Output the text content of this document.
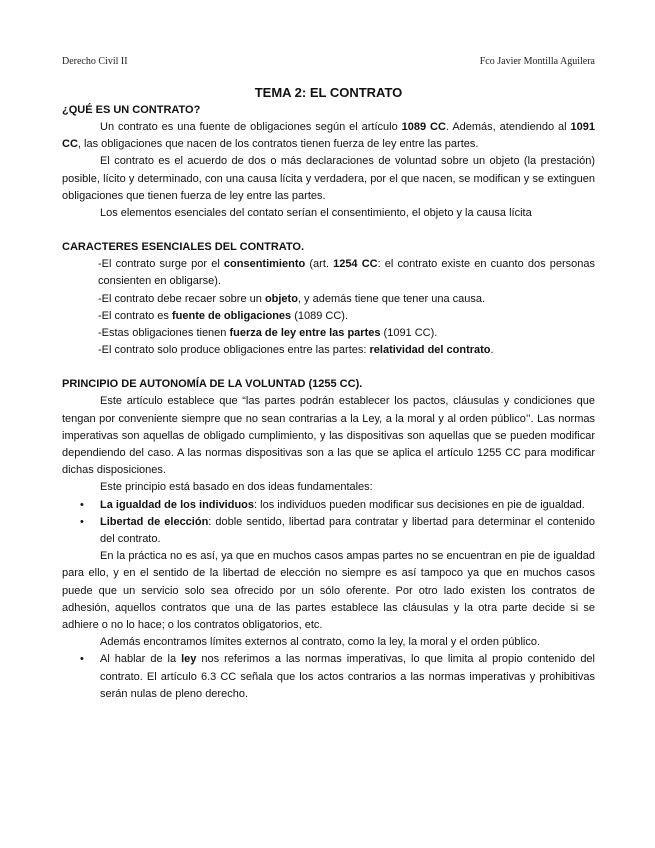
Derecho Civil II	Fco Javier Montilla Aguilera
TEMA 2: EL CONTRATO
¿QUÉ ES UN CONTRATO?

Un contrato es una fuente de obligaciones según el artículo 1089 CC. Además, atendiendo al 1091 CC, las obligaciones que nacen de los contratos tienen fuerza de ley entre las partes.

El contrato es el acuerdo de dos o más declaraciones de voluntad sobre un objeto (la prestación) posible, lícito y determinado, con una causa lícita y verdadera, por el que nacen, se modifican y se extinguen obligaciones que tienen fuerza de ley entre las partes.

Los elementos esenciales del contato serían el consentimiento, el objeto y la causa lícita

CARACTERES ESENCIALES DEL CONTRATO.
-El contrato surge por el consentimiento (art. 1254 CC: el contrato existe en cuanto dos personas consienten en obligarse).
-El contrato debe recaer sobre un objeto, y además tiene que tener una causa.
-El contrato es fuente de obligaciones (1089 CC).
-Estas obligaciones tienen fuerza de ley entre las partes (1091 CC).
-El contrato solo produce obligaciones entre las partes: relatividad del contrato.
PRINCIPIO DE AUTONOMÍA DE LA VOLUNTAD (1255 CC).

Este artículo establece que “las partes podrán establecer los pactos, cláusulas y condiciones que tengan por conveniente siempre que no sean contrarias a la Ley, a la moral y al orden público’’. Las normas imperativas son aquellas de obligado cumplimiento, y las dispositivas son aquellas que se pueden modificar dependiendo del caso. A las normas dispositivas son a las que se aplica el artículo 1255 CC para modificar dichas disposiciones.

Este principio está basado en dos ideas fundamentales:

• La igualdad de los individuos: los individuos pueden modificar sus decisiones en pie de igualdad.
• Libertad de elección: doble sentido, libertad para contratar y libertad para determinar el contenido del contrato.

En la práctica no es así, ya que en muchos casos ampas partes no se encuentran en pie de igualdad para ello, y en el sentido de la libertad de elección no siempre es así tampoco ya que en muchos casos puede que un servicio solo sea ofrecido por un sólo oferente. Por otro lado existen los contratos de adhesión, aquellos contratos que una de las partes establece las cláusulas y la otra parte decide si se adhiere o no lo hace; o los contratos obligatorios, etc.

Además encontramos límites externos al contrato, como la ley, la moral y el orden público.

• Al hablar de la ley nos referimos a las normas imperativas, lo que limita al propio contenido del contrato. El artículo 6.3 CC señala que los actos contrarios a las normas imperativas y prohibitivas serán nulas de pleno derecho.
